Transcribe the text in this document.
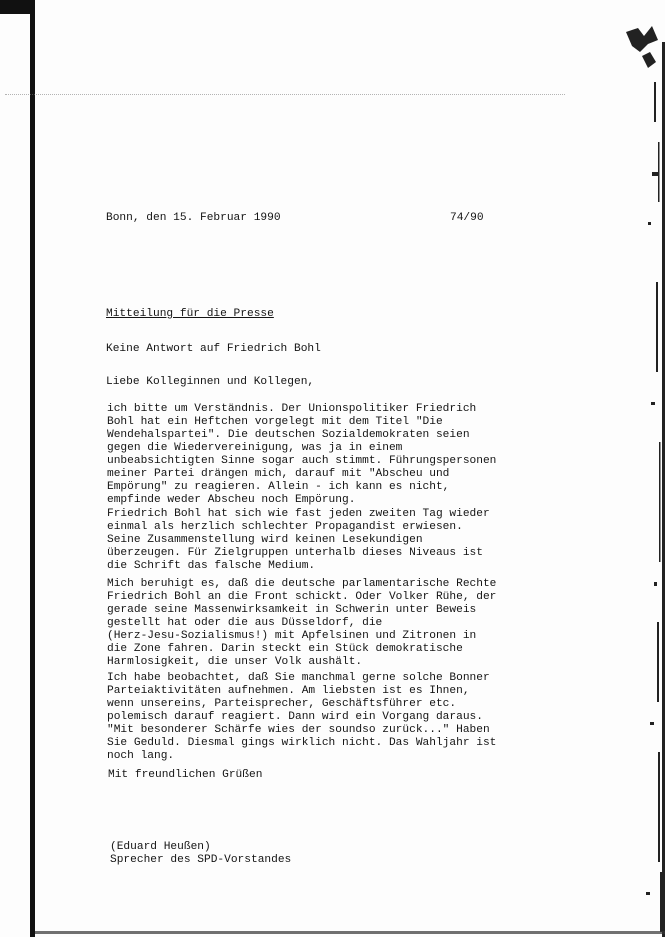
Bonn, den 15. Februar 1990	74/90
Mitteilung für die Presse
Keine Antwort auf Friedrich Bohl
Liebe Kolleginnen und Kollegen,
ich bitte um Verständnis. Der Unionspolitiker Friedrich
Bohl hat ein Heftchen vorgelegt mit dem Titel "Die
Wendehalspartei". Die deutschen Sozialdemokraten seien
gegen die Wiedervereinigung, was ja in einem
unbeabsichtigten Sinne sogar auch stimmt. Führungspersonen
meiner Partei drängen mich, darauf mit "Abscheu und
Empörung" zu reagieren. Allein - ich kann es nicht,
empfinde weder Abscheu noch Empörung.
Friedrich Bohl hat sich wie fast jeden zweiten Tag wieder
einmal als herzlich schlechter Propagandist erwiesen.
Seine Zusammenstellung wird keinen Lesekundigen
überzeugen. Für Zielgruppen unterhalb dieses Niveaus ist
die Schrift das falsche Medium.
Mich beruhigt es, daß die deutsche parlamentarische Rechte
Friedrich Bohl an die Front schickt. Oder Volker Rühe, der
gerade seine Massenwirksamkeit in Schwerin unter Beweis
gestellt hat oder die aus Düsseldorf, die
(Herz-Jesu-Sozialismus!) mit Apfelsinen und Zitronen in
die Zone fahren. Darin steckt ein Stück demokratische
Harmlosigkeit, die unser Volk aushält.
Ich habe beobachtet, daß Sie manchmal gerne solche Bonner
Parteiaktivitäten aufnehmen. Am liebsten ist es Ihnen,
wenn unsereins, Parteisprecher, Geschäftsführer etc.
polemisch darauf reagiert. Dann wird ein Vorgang daraus.
"Mit besonderer Schärfe wies der soundso zurück..." Haben
Sie Geduld. Diesmal gings wirklich nicht. Das Wahljahr ist
noch lang.
Mit freundlichen Grüßen
(Eduard Heußen)
Sprecher des SPD-Vorstandes
